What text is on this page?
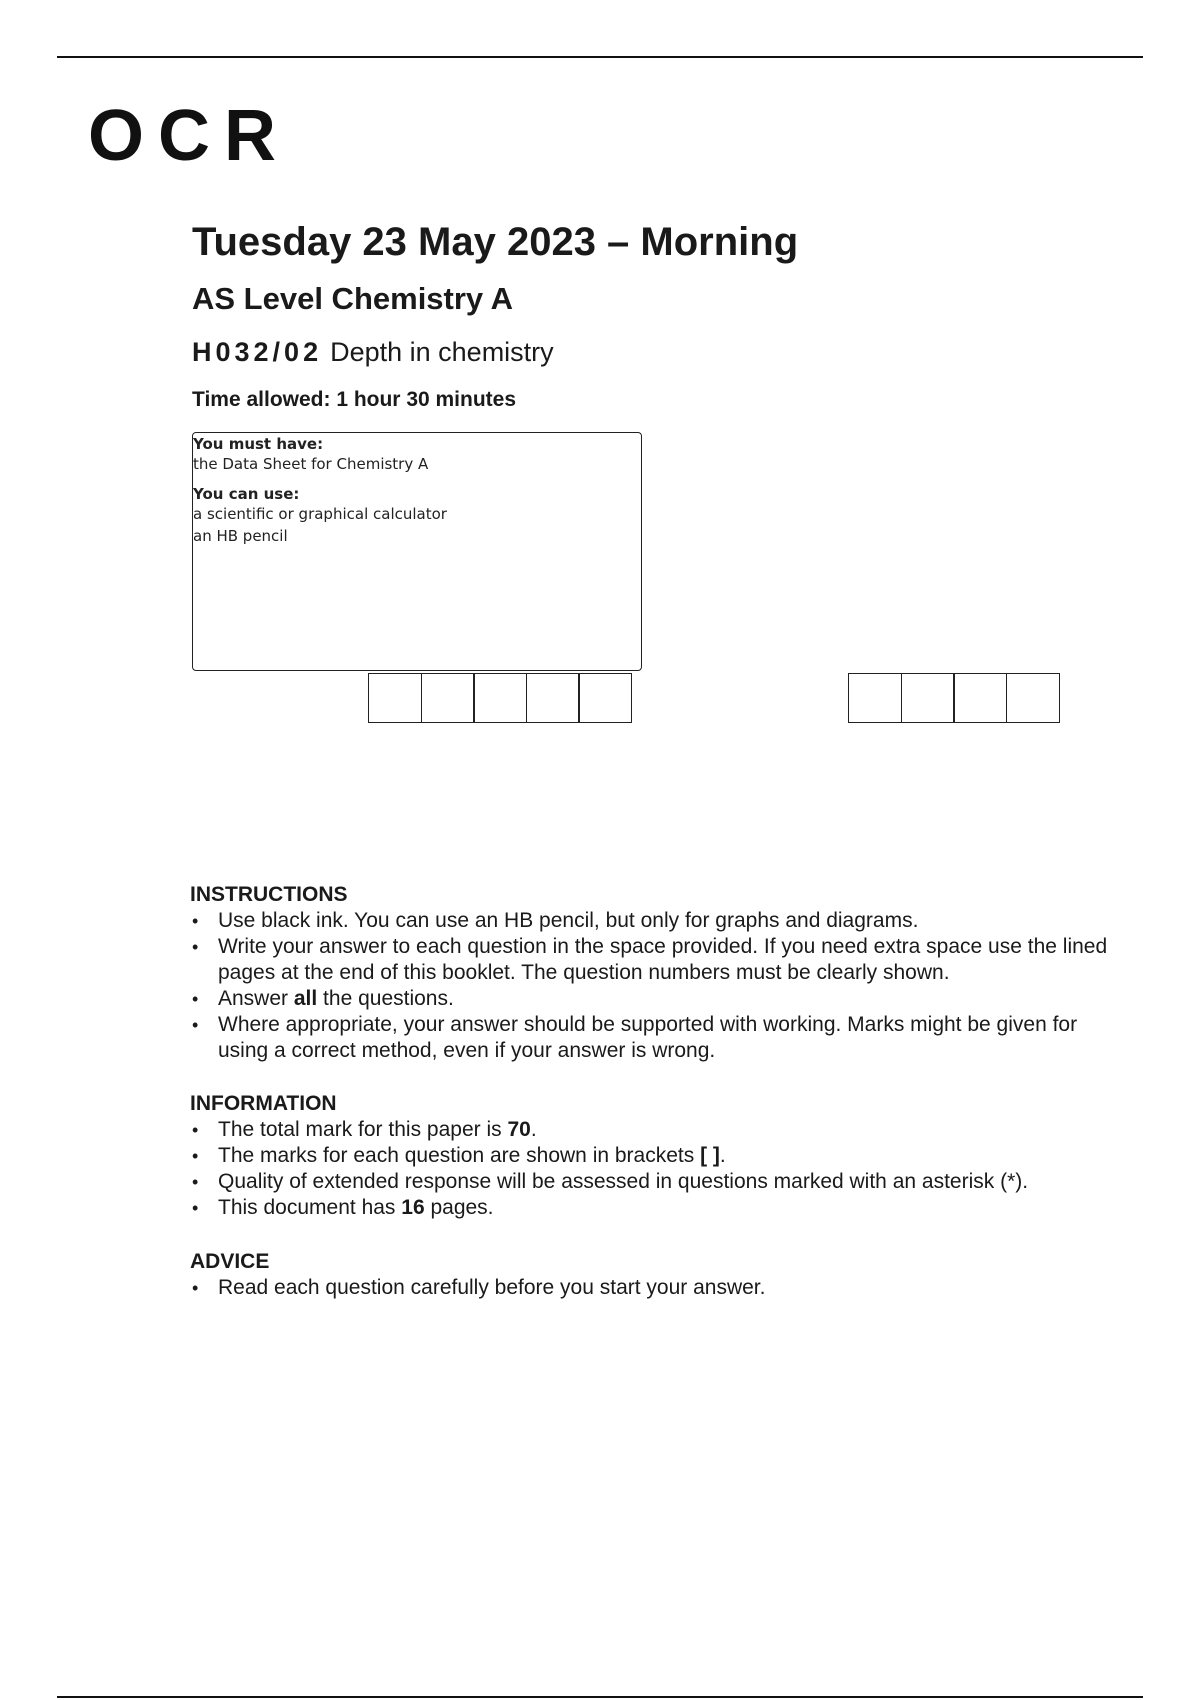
OCR
Tuesday 23 May 2023 – Morning
AS Level Chemistry A
H032/02 Depth in chemistry
Time allowed: 1 hour 30 minutes
You must have:
the Data Sheet for Chemistry A
You can use:
a scientific or graphical calculator
an HB pencil
INSTRUCTIONS
• Use black ink. You can use an HB pencil, but only for graphs and diagrams.
• Write your answer to each question in the space provided. If you need extra space use the lined pages at the end of this booklet. The question numbers must be clearly shown.
• Answer all the questions.
• Where appropriate, your answer should be supported with working. Marks might be given for using a correct method, even if your answer is wrong.
INFORMATION
• The total mark for this paper is 70.
• The marks for each question are shown in brackets [ ].
• Quality of extended response will be assessed in questions marked with an asterisk (*).
• This document has 16 pages.
ADVICE
• Read each question carefully before you start your answer.
